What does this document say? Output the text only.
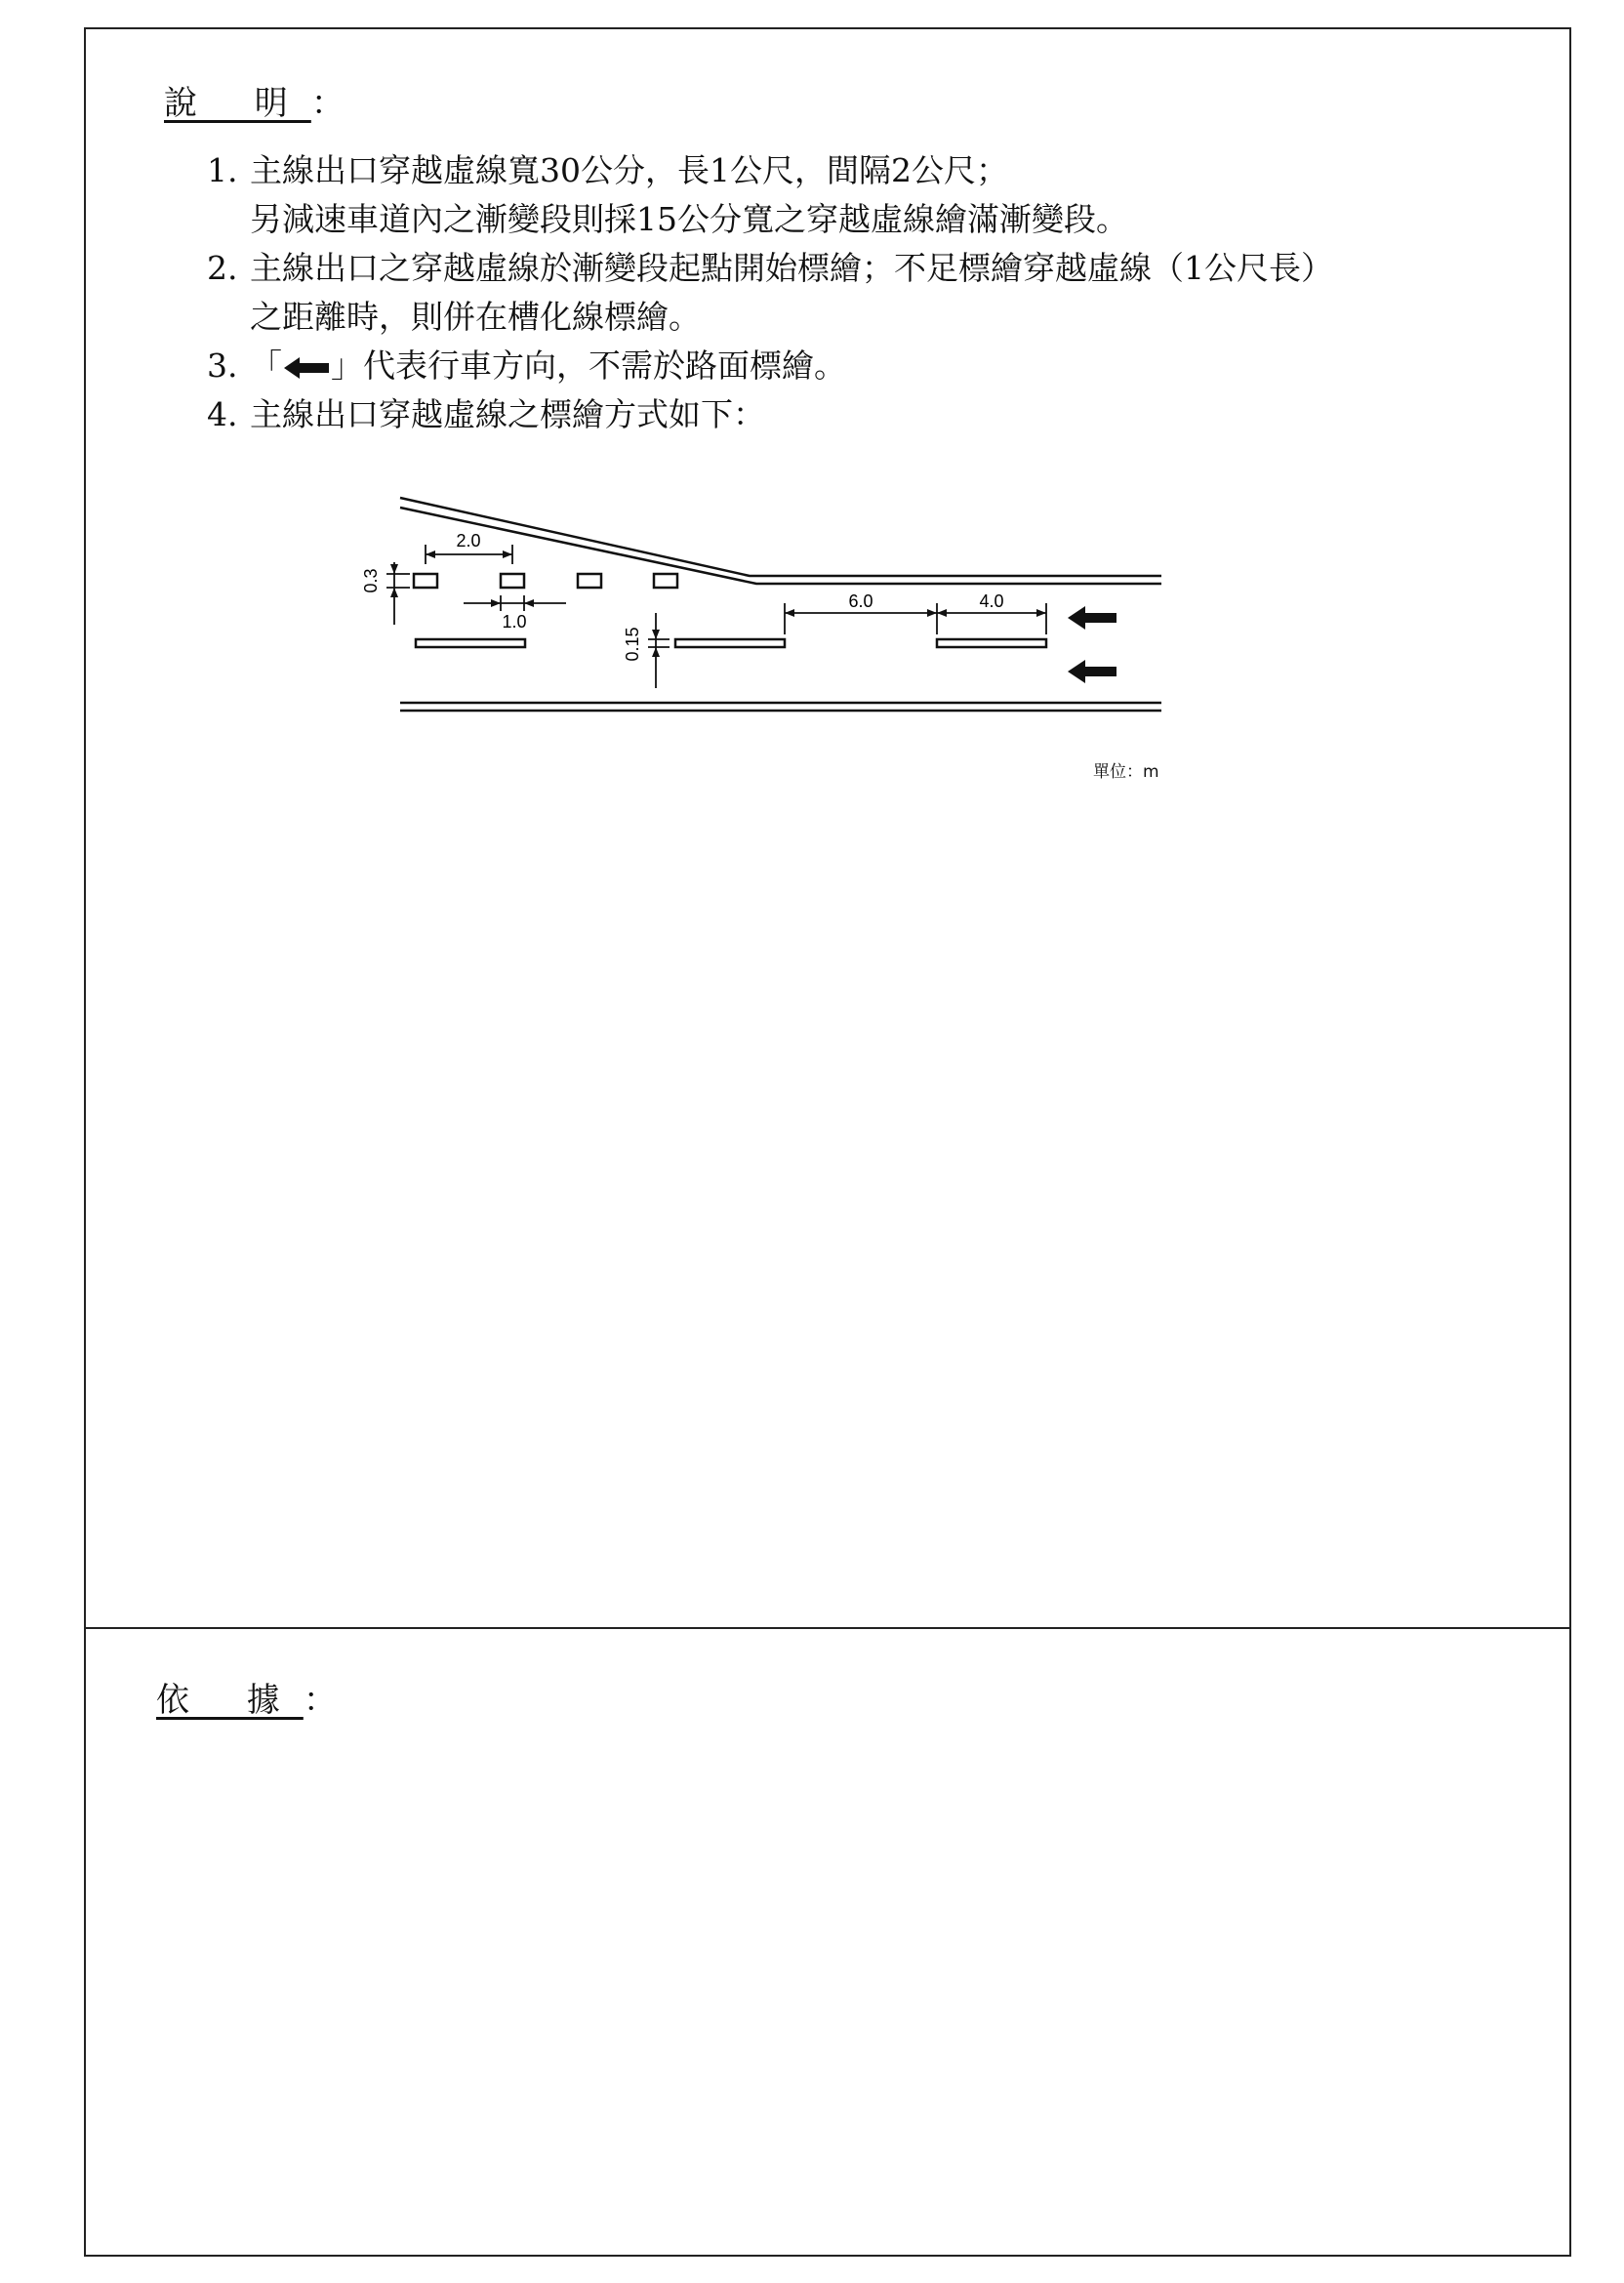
說 明：
1. 主線出口穿越虛線寬30公分，長1公尺，間隔2公尺；
另減速車道內之漸變段則採15公分寬之穿越虛線繪滿漸變段。
2. 主線出口之穿越虛線於漸變段起點開始標繪；不足標繪穿越虛線（1公尺長）
之距離時，則併在槽化線標繪。
3. 「 」代表行車方向，不需於路面標繪。
4. 主線出口穿越虛線之標繪方式如下：
2.0
1.0
0.3
0.15
6.0	4.0
單位：m
依 據：
